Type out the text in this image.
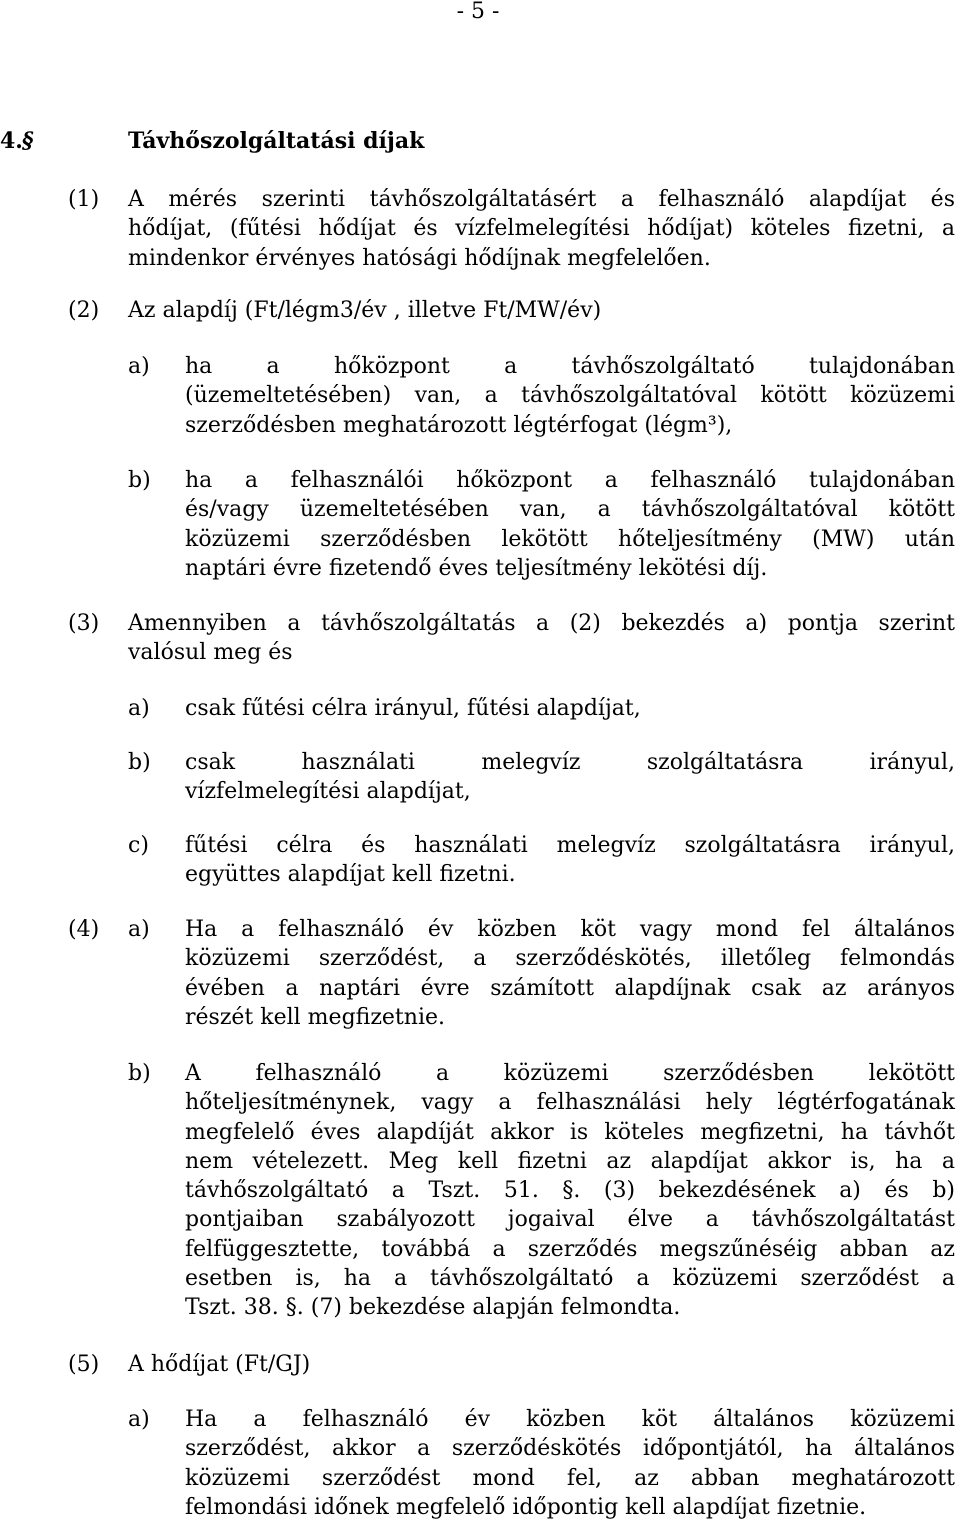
- 5 -
4. §	Távhőszolgáltatási díjak
(1) A mérés szerinti távhőszolgáltatásért a felhasználó alapdíjat és
hődíjat, (fűtési hődíjat és vízfelmelegítési hődíjat) köteles fizetni, a
mindenkor érvényes hatósági hődíjnak megfelelően.
(2) Az alapdíj (Ft/légm3/év , illetve Ft/MW/év)
a) ha a hőközpont a távhőszolgáltató tulajdonában
(üzemeltetésében) van, a távhőszolgáltatóval kötött közüzemi
szerződésben meghatározott légtérfogat (légm³),
b) ha a felhasználói hőközpont a felhasználó tulajdonában
és/vagy üzemeltetésében van, a távhőszolgáltatóval kötött
közüzemi szerződésben lekötött hőteljesítmény (MW) után
naptári évre fizetendő éves teljesítmény lekötési díj.
(3) Amennyiben a távhőszolgáltatás a (2) bekezdés a) pontja szerint
valósul meg és
a) csak fűtési célra irányul, fűtési alapdíjat,
b) csak használati melegvíz szolgáltatásra irányul,
vízfelmelegítési alapdíjat,
c) fűtési célra és használati melegvíz szolgáltatásra irányul,
együttes alapdíjat kell fizetni.
(4) a) Ha a felhasználó év közben köt vagy mond fel általános
közüzemi szerződést, a szerződéskötés, illetőleg felmondás
évében a naptári évre számított alapdíjnak csak az arányos
részét kell megfizetnie.
b) A felhasználó a közüzemi szerződésben lekötött
hőteljesítménynek, vagy a felhasználási hely légtérfogatának
megfelelő éves alapdíját akkor is köteles megfizetni, ha távhőt
nem vételezett. Meg kell fizetni az alapdíjat akkor is, ha a
távhőszolgáltató a Tszt. 51. §. (3) bekezdésének a) és b)
pontjaiban szabályozott jogaival élve a távhőszolgáltatást
felfüggesztette, továbbá a szerződés megszűnéséig abban az
esetben is, ha a távhőszolgáltató a közüzemi szerződést a
Tszt. 38. §. (7) bekezdése alapján felmondta.
(5) A hődíjat (Ft/GJ)
a) Ha a felhasználó év közben köt általános közüzemi
szerződést, akkor a szerződéskötés időpontjától, ha általános
közüzemi szerződést mond fel, az abban meghatározott
felmondási időnek megfelelő időpontig kell alapdíjat fizetnie.
